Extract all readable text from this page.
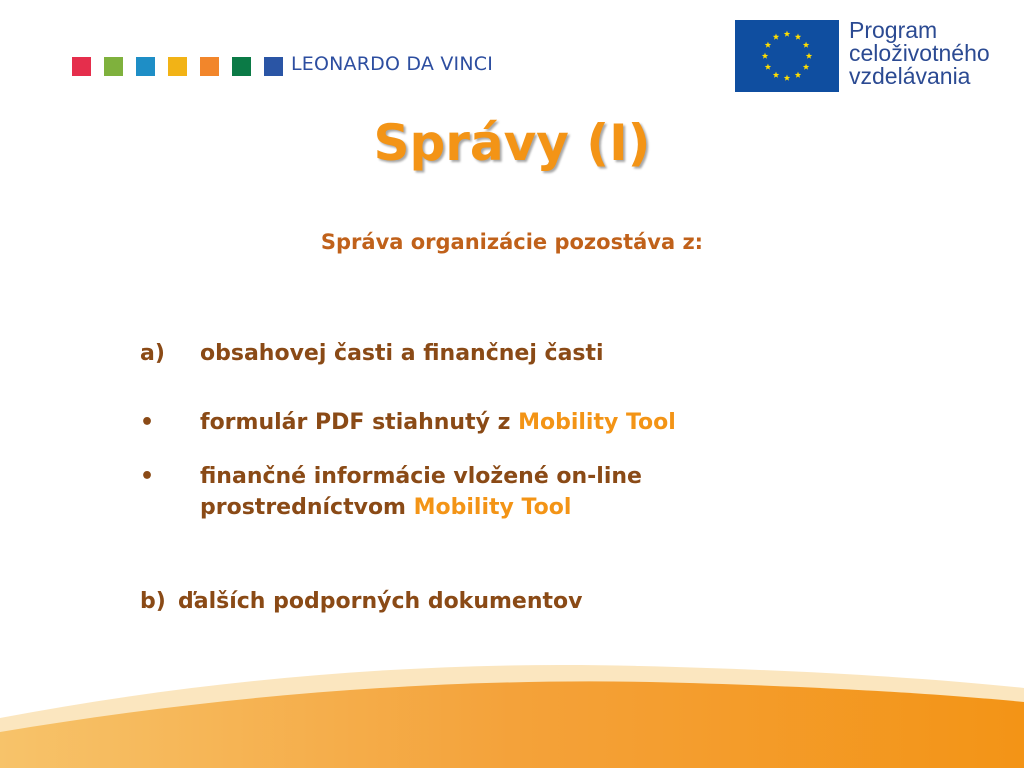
LEONARDO DA VINCI
Program
celoživotného
vzdelávania
Správy (I)
Správa organizácie pozostáva z:
a) obsahovej časti a finančnej časti
• formulár PDF stiahnutý z Mobility Tool
• finančné informácie vložené on-line prostredníctvom Mobility Tool
b) ďalších podporných dokumentov
